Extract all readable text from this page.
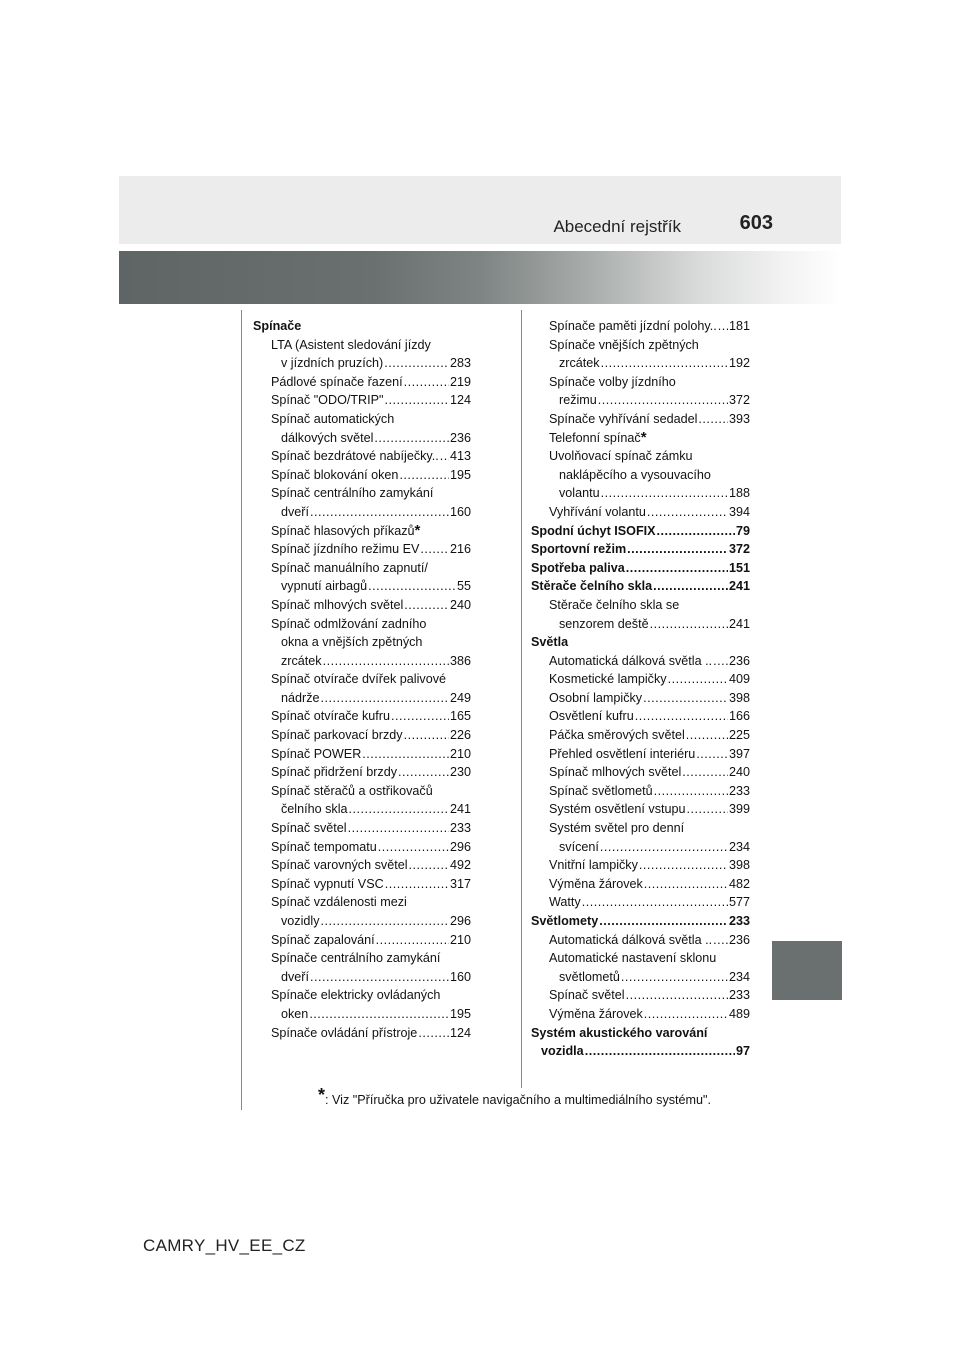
Abecední rejstřík	603
Spínače
LTA (Asistent sledování jízdy
v jízdních pruzích) .....	283
Pádlové spínače řazení .....	219
Spínač "ODO/TRIP" .....	124
Spínač automatických
dálkových světel .....	236
Spínač bezdrátové nabíječky.. ..... 413
Spínač blokování oken .....	195
Spínač centrálního zamykání
dveří .....	160
Spínač hlasových příkazů *
Spínač jízdního režimu EV ..... 216
Spínač manuálního zapnutí/
vypnutí airbagů .....	55
Spínač mlhových světel .....	240
Spínač odmlžování zadního
okna a vnějších zpětných
zrcátek .....	386
Spínač otvírače dvířek palivové
nádrže .....	249
Spínač otvírače kufru .....	165
Spínač parkovací brzdy .....	226
Spínač POWER .....	210
Spínač přidržení brzdy .....	230
Spínač stěračů a ostřikovačů
čelního skla .....	241
Spínač světel .....	233
Spínač tempomatu .....	296
Spínač varovných světel .....	492
Spínač vypnutí VSC .....	317
Spínač vzdálenosti mezi
vozidly .....	296
Spínač zapalování .....	210
Spínače centrálního zamykání
dveří .....	160
Spínače elektricky ovládaných
oken .....	195
Spínače ovládání přístroje .....	124
Spínače paměti jízdní polohy.. ..... 181
Spínače vnějších zpětných
zrcátek .....	192
Spínače volby jízdního
režimu .....	372
Spínače vyhřívání sedadel .....	393
Telefonní spínač *
Uvolňovací spínač zámku
naklápěcího a vysouvacího
volantu .....	188
Vyhřívání volantu .....	394
Spodní úchyt ISOFIX .....	79
Sportovní režim .....	372
Spotřeba paliva .....	151
Stěrače čelního skla .....	241
Stěrače čelního skla se
senzorem deště .....	241
Světla
Automatická dálková světla .. ..... 236
Kosmetické lampičky .....	409
Osobní lampičky .....	398
Osvětlení kufru .....	166
Páčka směrových světel .....	225
Přehled osvětlení interiéru .....	397
Spínač mlhových světel .....	240
Spínač světlometů .....	233
Systém osvětlení vstupu .....	399
Systém světel pro denní
svícení .....	234
Vnitřní lampičky .....	398
Výměna žárovek .....	482
Watty .....	577
Světlomety .....	233
Automatická dálková světla .. ..... 236
Automatické nastavení sklonu
světlometů .....	234
Spínač světel .....	233
Výměna žárovek .....	489
Systém akustického varování
vozidla .....	97
*: Viz "Příručka pro uživatele navigačního a multimediálního systému".
CAMRY_HV_EE_CZ
